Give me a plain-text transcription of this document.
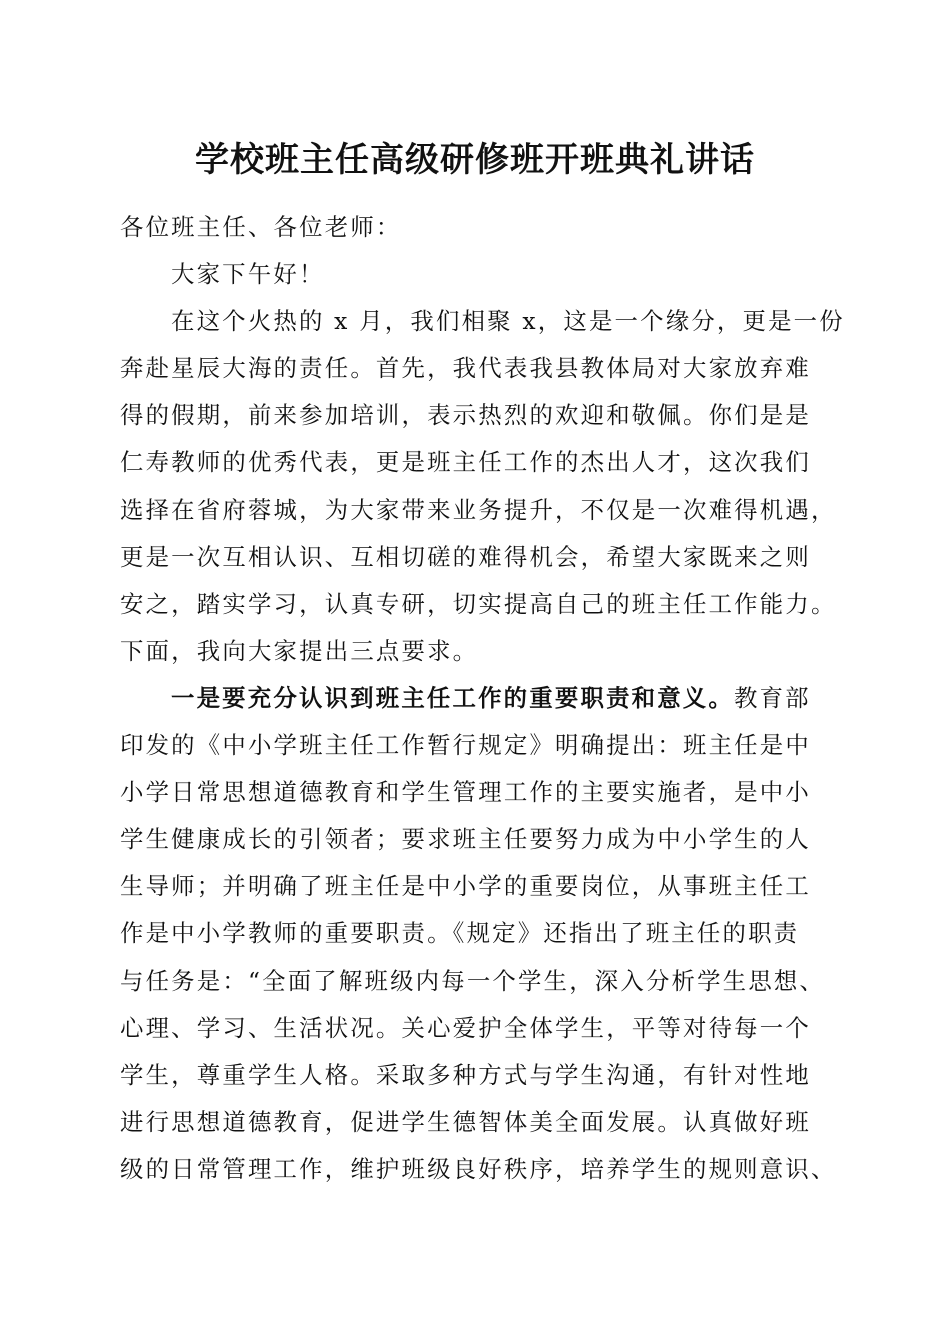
学校班主任高级研修班开班典礼讲话
各位班主任、各位老师：
大家下午好！
在这个火热的 x 月，我们相聚 x，这是一个缘分，更是一份
奔赴星辰大海的责任。首先，我代表我县教体局对大家放弃难
得的假期，前来参加培训，表示热烈的欢迎和敬佩。你们是是
仁寿教师的优秀代表，更是班主任工作的杰出人才，这次我们
选择在省府蓉城，为大家带来业务提升，不仅是一次难得机遇，
更是一次互相认识、互相切磋的难得机会，希望大家既来之则
安之，踏实学习，认真专研，切实提高自己的班主任工作能力。
下面，我向大家提出三点要求。
一是要充分认识到班主任工作的重要职责和意义。教育部
印发的《中小学班主任工作暂行规定》明确提出：班主任是中
小学日常思想道德教育和学生管理工作的主要实施者，是中小
学生健康成长的引领者；要求班主任要努力成为中小学生的人
生导师；并明确了班主任是中小学的重要岗位，从事班主任工
作是中小学教师的重要职责。《规定》还指出了班主任的职责
与任务是：“全面了解班级内每一个学生，深入分析学生思想、
心理、学习、生活状况。关心爱护全体学生，平等对待每一个
学生，尊重学生人格。采取多种方式与学生沟通，有针对性地
进行思想道德教育，促进学生德智体美全面发展。认真做好班
级的日常管理工作，维护班级良好秩序，培养学生的规则意识、
